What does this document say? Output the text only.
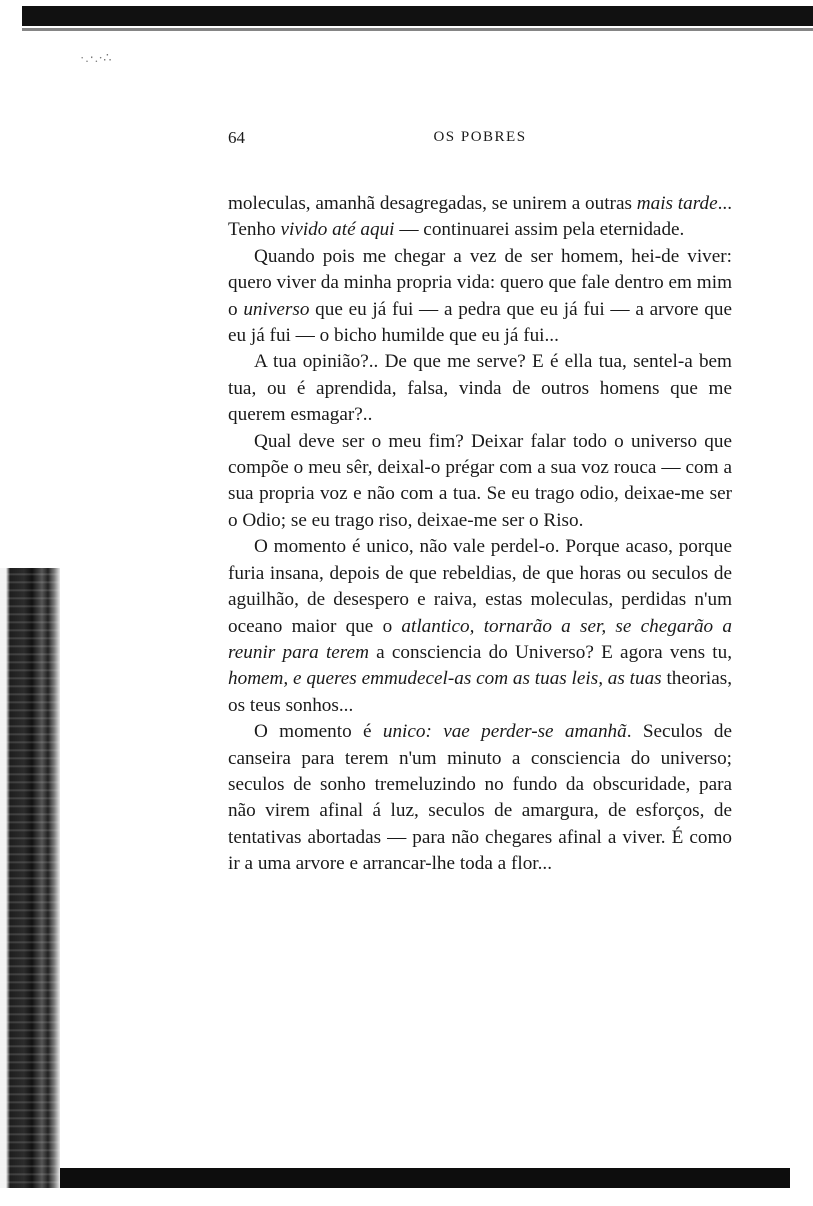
·.‧.∙∴
64	OS POBRES

moleculas, amanhã desagregadas, se unirem a outras mais tarde... Tenho vivido até aqui — continuarei assim pela eternidade.

Quando pois me chegar a vez de ser homem, hei-de viver: quero viver da minha propria vida: quero que fale dentro em mim o universo que eu já fui — a pedra que eu já fui — a arvore que eu já fui — o bicho humilde que eu já fui...

A tua opinião?.. De que me serve? E é ella tua, sentel-a bem tua, ou é aprendida, falsa, vinda de outros homens que me querem esmagar?..

Qual deve ser o meu fim? Deixar falar todo o universo que compõe o meu sêr, deixal-o prégar com a sua voz rouca — com a sua propria voz e não com a tua. Se eu trago odio, deixae-me ser o Odio; se eu trago riso, deixae-me ser o Riso.

O momento é unico, não vale perdel-o. Porque acaso, porque furia insana, depois de que rebeldias, de que horas ou seculos de aguilhão, de desespero e raiva, estas moleculas, perdidas n'um oceano maior que o atlantico, tornarão a ser, se chegarão a reunir para terem a consciencia do Universo? E agora vens tu, homem, e queres emmudecel-as com as tuas leis, as tuas theorias, os teus sonhos...

O momento é unico: vae perder-se amanhã. Seculos de canseira para terem n'um minuto a consciencia do universo; seculos de sonho tremeluzindo no fundo da obscuridade, para não virem afinal á luz, seculos de amargura, de esforços, de tentativas abortadas — para não chegares afinal a viver. É como ir a uma arvore e arrancar-lhe toda a flor...
